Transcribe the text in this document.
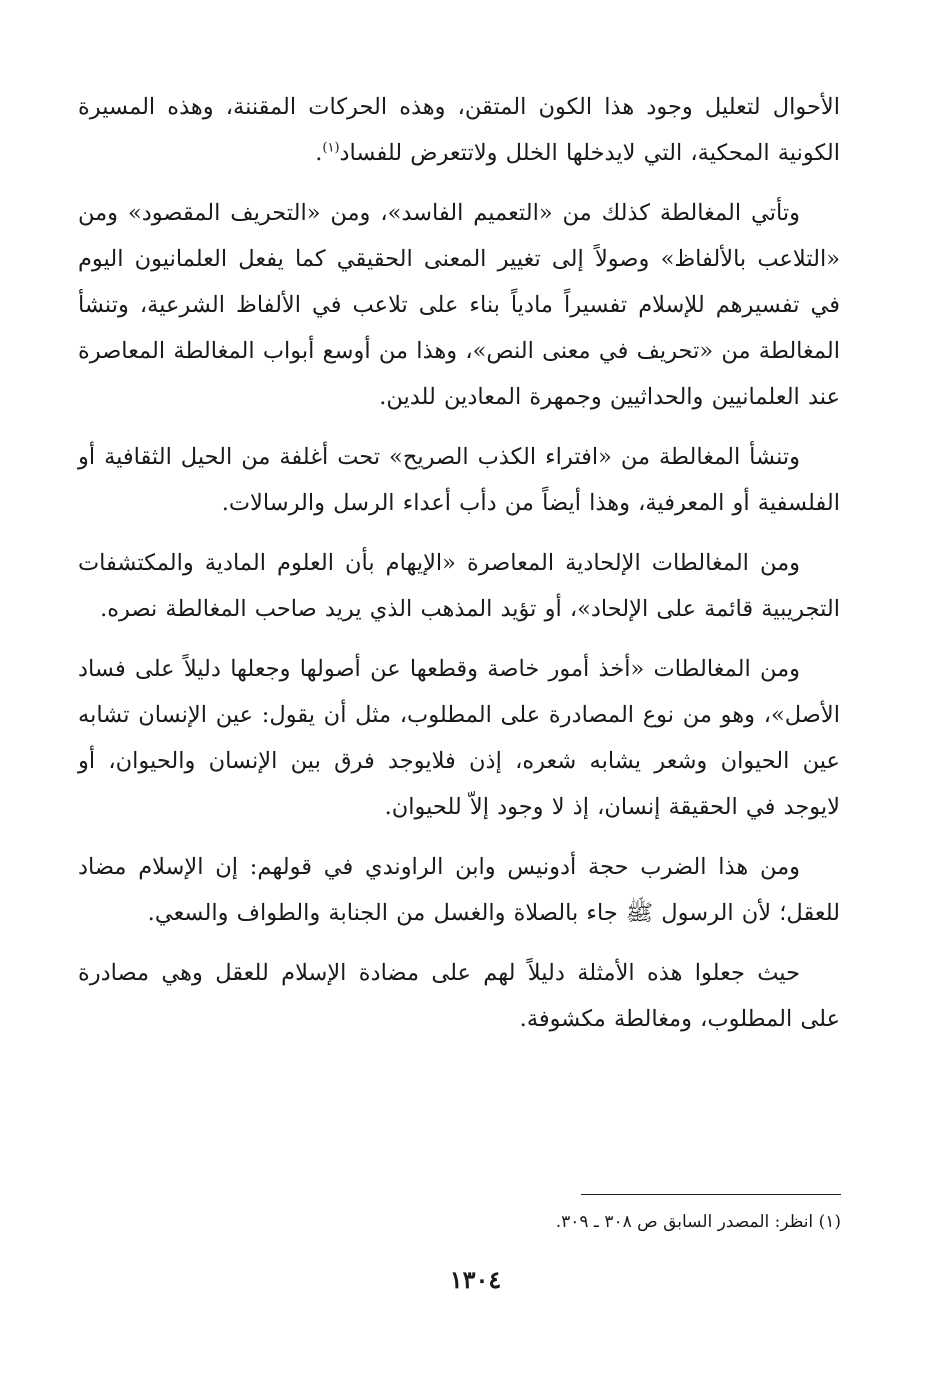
الأحوال لتعليل وجود هذا الكون المتقن، وهذه الحركات المقننة، وهذه المسيرة الكونية المحكية، التي لايدخلها الخلل ولاتتعرض للفساد$^{(١)}$.

وتأتي المغالطة كذلك من «التعميم الفاسد»، ومن «التحريف المقصود» ومن «التلاعب بالألفاظ» وصولاً إلى تغيير المعنى الحقيقي كما يفعل العلمانيون اليوم في تفسيرهم للإسلام تفسيراً مادياً بناء على تلاعب في الألفاظ الشرعية، وتنشأ المغالطة من «تحريف في معنى النص»، وهذا من أوسع أبواب المغالطة المعاصرة عند العلمانيين والحداثيين وجمهرة المعادين للدين.

وتنشأ المغالطة من «افتراء الكذب الصريح» تحت أغلفة من الحيل الثقافية أو الفلسفية أو المعرفية، وهذا أيضاً من دأب أعداء الرسل والرسالات.

ومن المغالطات الإلحادية المعاصرة «الإيهام بأن العلوم المادية والمكتشفات التجريبية قائمة على الإلحاد»، أو تؤيد المذهب الذي يريد صاحب المغالطة نصره.

ومن المغالطات «أخذ أمور خاصة وقطعها عن أصولها وجعلها دليلاً على فساد الأصل»، وهو من نوع المصادرة على المطلوب، مثل أن يقول: عين الإنسان تشابه عين الحيوان وشعر يشابه شعره، إذن فلايوجد فرق بين الإنسان والحيوان، أو لايوجد في الحقيقة إنسان، إذ لا وجود إلاّ للحيوان.

ومن هذا الضرب حجة أدونيس وابن الراوندي في قولهم: إن الإسلام مضاد للعقل؛ لأن الرسول ﷺ جاء بالصلاة والغسل من الجنابة والطواف والسعي.

حيث جعلوا هذه الأمثلة دليلاً لهم على مضادة الإسلام للعقل وهي مصادرة على المطلوب، ومغالطة مكشوفة.

(١) انظر: المصدر السابق ص ٣٠٨ ـ ٣٠٩.
١٣٠٤
